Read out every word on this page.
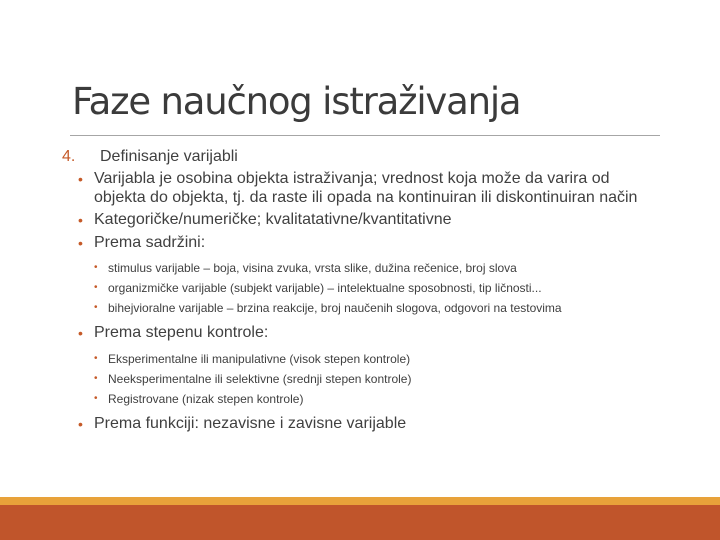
Faze naučnog istraživanja
4.	Definisanje varijabli
• Varijabla je osobina objekta istraživanja; vrednost koja može da varira od objekta do objekta, tj. da raste ili opada na kontinuiran ili diskontinuiran način
• Kategoričke/numeričke; kvalitatativne/kvantitativne
• Prema sadržini:
• stimulus varijable – boja, visina zvuka, vrsta slike, dužina rečenice, broj slova
• organizmičke varijable (subjekt varijable) – intelektualne sposobnosti, tip ličnosti...
• bihejvioralne varijable – brzina reakcije, broj naučenih slogova, odgovori na testovima
• Prema stepenu kontrole:
• Eksperimentalne ili manipulativne (visok stepen kontrole)
• Neeksperimentalne ili selektivne (srednji stepen kontrole)
• Registrovane (nizak stepen kontrole)
• Prema funkciji: nezavisne i zavisne varijable
